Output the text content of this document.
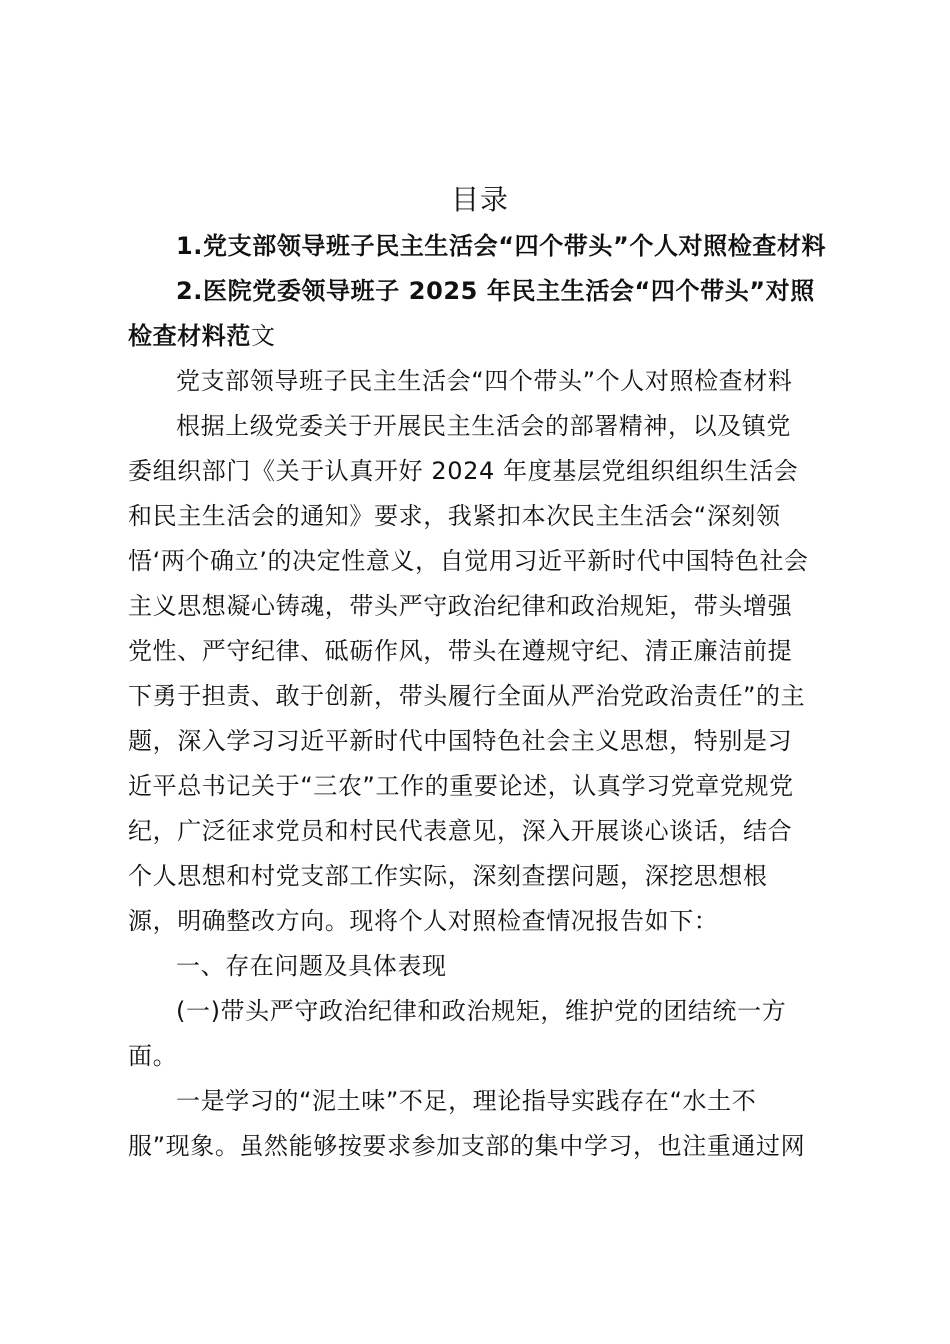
目录
1.党支部领导班子民主生活会“四个带头”个人对照检查材料
2.医院党委领导班子 2025 年民主生活会“四个带头”对照
检查材料范文
党支部领导班子民主生活会“四个带头”个人对照检查材料
根据上级党委关于开展民主生活会的部署精神，以及镇党
委组织部门《关于认真开好 2024 年度基层党组织组织生活会
和民主生活会的通知》要求，我紧扣本次民主生活会“深刻领
悟‘两个确立’的决定性意义，自觉用习近平新时代中国特色社会
主义思想凝心铸魂，带头严守政治纪律和政治规矩，带头增强
党性、严守纪律、砥砺作风，带头在遵规守纪、清正廉洁前提
下勇于担责、敢于创新，带头履行全面从严治党政治责任”的主
题，深入学习习近平新时代中国特色社会主义思想，特别是习
近平总书记关于“三农”工作的重要论述，认真学习党章党规党
纪，广泛征求党员和村民代表意见，深入开展谈心谈话，结合
个人思想和村党支部工作实际，深刻查摆问题，深挖思想根
源，明确整改方向。现将个人对照检查情况报告如下：
一、存在问题及具体表现
(一)带头严守政治纪律和政治规矩，维护党的团结统一方
面。
一是学习的“泥土味”不足，理论指导实践存在“水土不
服”现象。虽然能够按要求参加支部的集中学习，也注重通过网
